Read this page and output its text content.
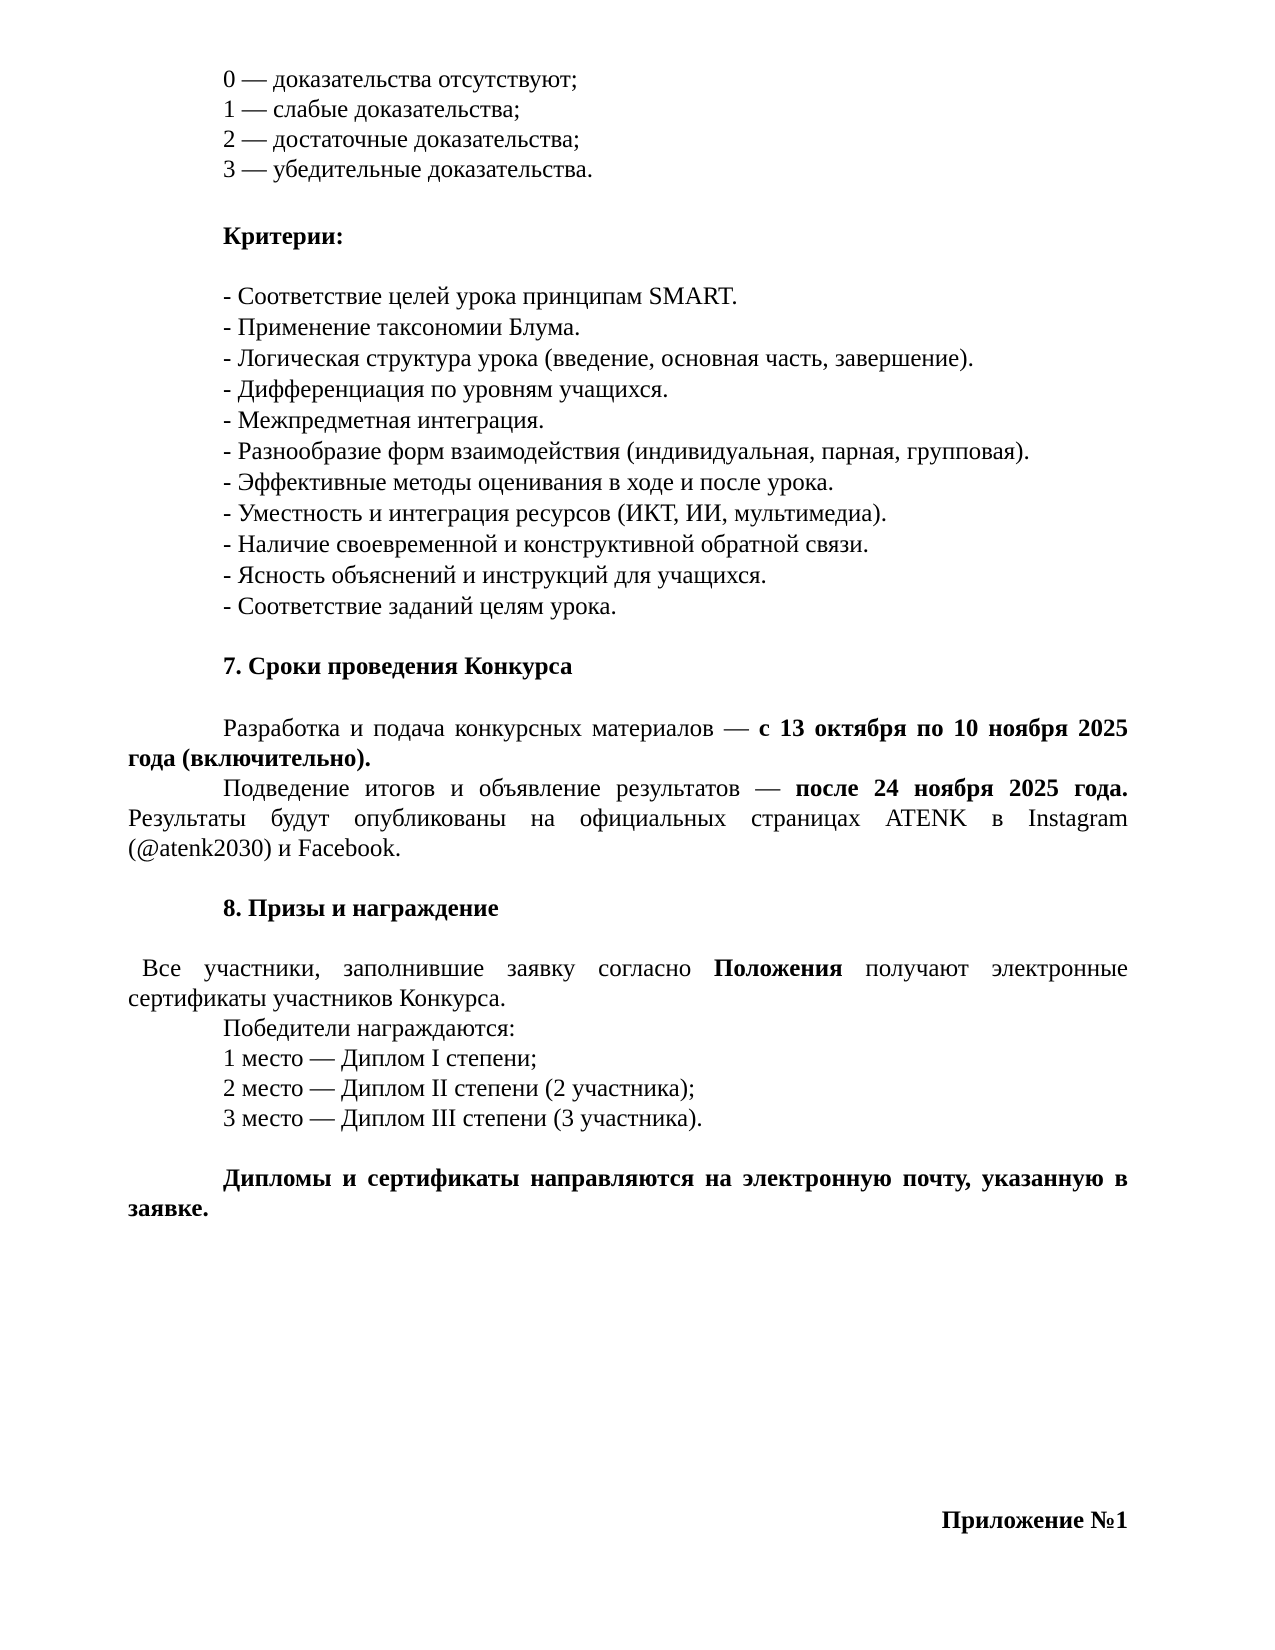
0 — доказательства отсутствуют;
1 — слабые доказательства;
2 — достаточные доказательства;
3 — убедительные доказательства.
Критерии:
- Соответствие целей урока принципам SMART.
- Применение таксономии Блума.
- Логическая структура урока (введение, основная часть, завершение).
- Дифференциация по уровням учащихся.
- Межпредметная интеграция.
- Разнообразие форм взаимодействия (индивидуальная, парная, групповая).
- Эффективные методы оценивания в ходе и после урока.
- Уместность и интеграция ресурсов (ИКТ, ИИ, мультимедиа).
- Наличие своевременной и конструктивной обратной связи.
- Ясность объяснений и инструкций для учащихся.
- Соответствие заданий целям урока.
7. Сроки проведения Конкурса
Разработка и подача конкурсных материалов — с 13 октября по 10 ноября 2025
года (включительно).
Подведение итогов и объявление результатов — после 24 ноября 2025 года.
Результаты будут опубликованы на официальных страницах ATENK в Instagram
(@atenk2030) и Facebook.
8. Призы и награждение
Все участники, заполнившие заявку согласно Положения получают электронные
сертификаты участников Конкурса.
Победители награждаются:
1 место — Диплом I степени;
2 место — Диплом II степени (2 участника);
3 место — Диплом III степени (3 участника).
Дипломы и сертификаты направляются на электронную почту, указанную в
заявке.
Приложение №1
